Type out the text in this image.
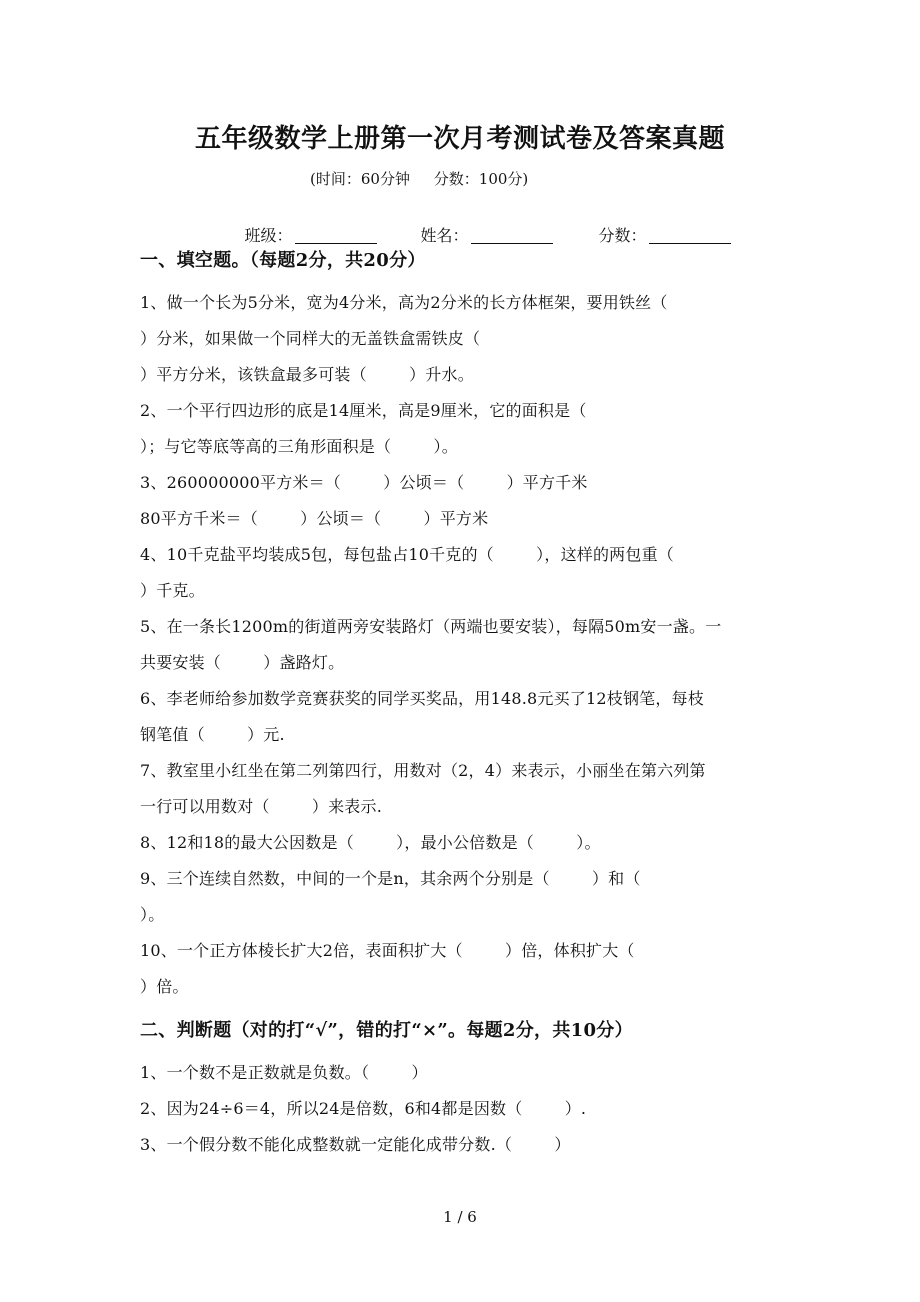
五年级数学上册第一次月考测试卷及答案真题
(时间：60分钟     分数：100分)

班级：
	姓名：
	分数：

一、填空题。（每题2分，共20分）
1、做一个长为5分米，宽为4分米，高为2分米的长方体框架，要用铁丝（
）分米，如果做一个同样大的无盖铁盒需铁皮（
）平方分米，该铁盒最多可装（        ）升水。
2、一个平行四边形的底是14厘米，高是9厘米，它的面积是（
）；与它等底等高的三角形面积是（        ）。
3、260000000平方米＝（        ）公顷＝（        ）平方千米
80平方千米＝（        ）公顷＝（        ）平方米
4、10千克盐平均装成5包，每包盐占10千克的（        ），这样的两包重（
）千克。
5、在一条长1200m的街道两旁安装路灯（两端也要安装），每隔50m安一盏。一
共要安装（        ）盏路灯。
6、李老师给参加数学竞赛获奖的同学买奖品，用148.8元买了12枝钢笔，每枝
钢笔值（        ）元.
7、教室里小红坐在第二列第四行，用数对（2，4）来表示，小丽坐在第六列第
一行可以用数对（        ）来表示.
8、12和18的最大公因数是（        ），最小公倍数是（        ）。
9、三个连续自然数，中间的一个是n，其余两个分别是（        ）和（
）。
10、一个正方体棱长扩大2倍，表面积扩大（        ）倍，体积扩大（
）倍。
二、判断题（对的打“√”，错的打“×”。每题2分，共10分）
1、一个数不是正数就是负数。（        ）
2、因为24÷6＝4，所以24是倍数，6和4都是因数（        ）.
3、一个假分数不能化成整数就一定能化成带分数.（        ）
1 / 6
